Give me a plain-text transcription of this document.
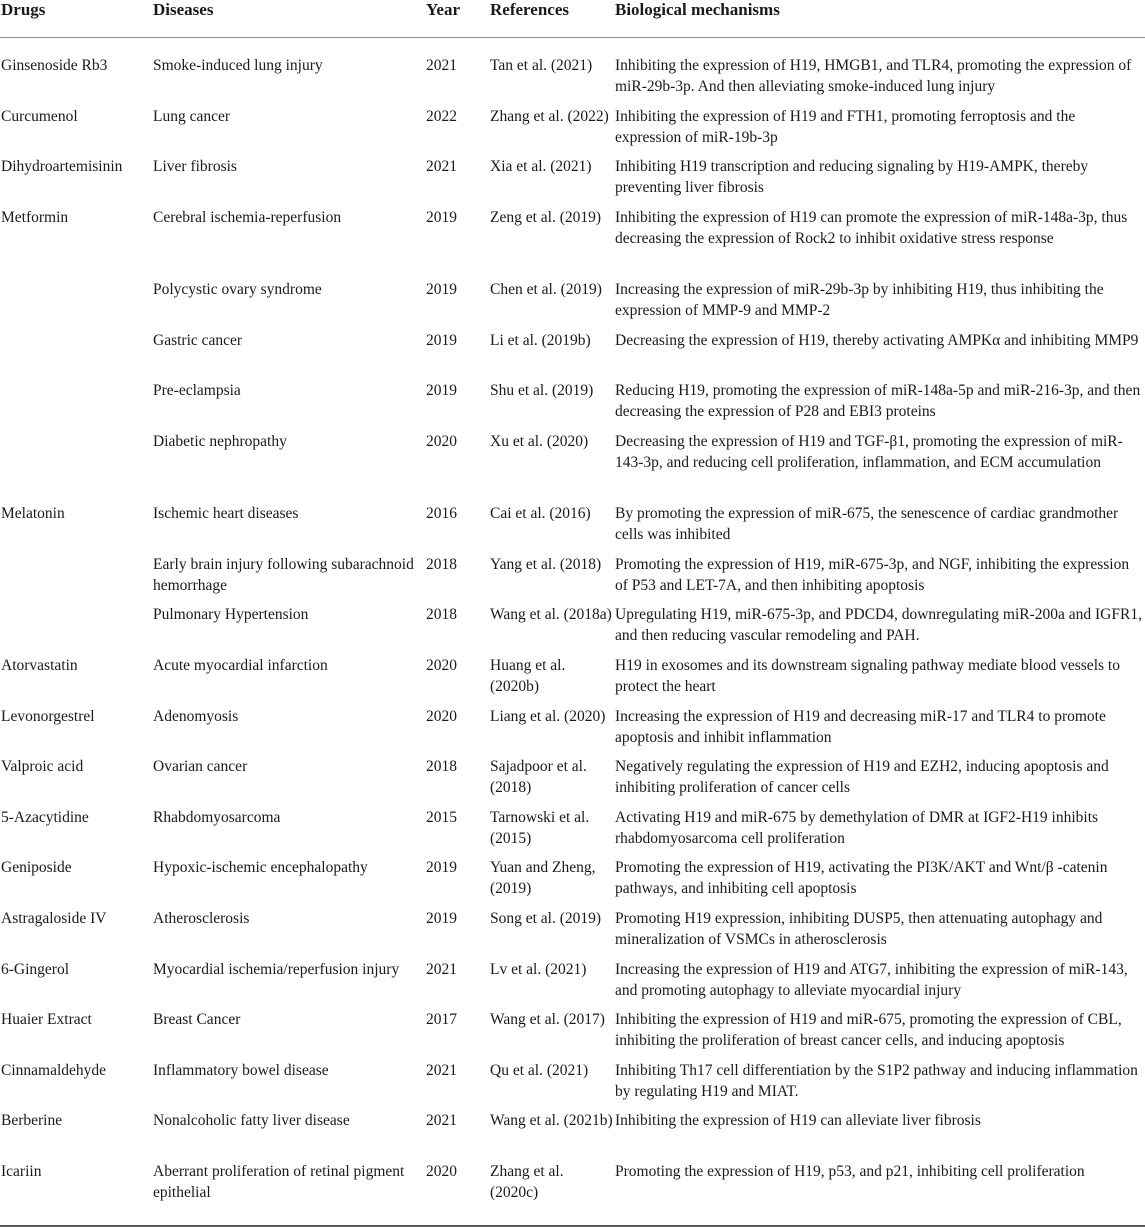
Drugs	Diseases	Year	References	Biological mechanisms
Ginsenoside Rb3	Smoke-induced lung injury	2021	Tan et al. (2021)	Inhibiting the expression of H19, HMGB1, and TLR4, promoting the expression of miR-29b-3p. And then alleviating smoke-induced lung injury
Curcumenol	Lung cancer	2022	Zhang et al. (2022)	Inhibiting the expression of H19 and FTH1, promoting ferroptosis and the expression of miR-19b-3p
Dihydroartemisinin	Liver fibrosis	2021	Xia et al. (2021)	Inhibiting H19 transcription and reducing signaling by H19-AMPK, thereby preventing liver fibrosis
Metformin	Cerebral ischemia-reperfusion	2019	Zeng et al. (2019)	Inhibiting the expression of H19 can promote the expression of miR-148a-3p, thus decreasing the expression of Rock2 to inhibit oxidative stress response
	Polycystic ovary syndrome	2019	Chen et al. (2019)	Increasing the expression of miR-29b-3p by inhibiting H19, thus inhibiting the expression of MMP-9 and MMP-2
	Gastric cancer	2019	Li et al. (2019b)	Decreasing the expression of H19, thereby activating AMPKα and inhibiting MMP9
	Pre-eclampsia	2019	Shu et al. (2019)	Reducing H19, promoting the expression of miR-148a-5p and miR-216-3p, and then decreasing the expression of P28 and EBI3 proteins
	Diabetic nephropathy	2020	Xu et al. (2020)	Decreasing the expression of H19 and TGF-β1, promoting the expression of miR-143-3p, and reducing cell proliferation, inflammation, and ECM accumulation
Melatonin	Ischemic heart diseases	2016	Cai et al. (2016)	By promoting the expression of miR-675, the senescence of cardiac grandmother cells was inhibited
	Early brain injury following subarachnoid hemorrhage	2018	Yang et al. (2018)	Promoting the expression of H19, miR-675-3p, and NGF, inhibiting the expression of P53 and LET-7A, and then inhibiting apoptosis
	Pulmonary Hypertension	2018	Wang et al. (2018a)	Upregulating H19, miR-675-3p, and PDCD4, downregulating miR-200a and IGFR1, and then reducing vascular remodeling and PAH.
Atorvastatin	Acute myocardial infarction	2020	Huang et al. (2020b)	H19 in exosomes and its downstream signaling pathway mediate blood vessels to protect the heart
Levonorgestrel	Adenomyosis	2020	Liang et al. (2020)	Increasing the expression of H19 and decreasing miR-17 and TLR4 to promote apoptosis and inhibit inflammation
Valproic acid	Ovarian cancer	2018	Sajadpoor et al. (2018)	Negatively regulating the expression of H19 and EZH2, inducing apoptosis and inhibiting proliferation of cancer cells
5-Azacytidine	Rhabdomyosarcoma	2015	Tarnowski et al. (2015)	Activating H19 and miR-675 by demethylation of DMR at IGF2-H19 inhibits rhabdomyosarcoma cell proliferation
Geniposide	Hypoxic-ischemic encephalopathy	2019	Yuan and Zheng, (2019)	Promoting the expression of H19, activating the PI3K/AKT and Wnt/β -catenin pathways, and inhibiting cell apoptosis
Astragaloside IV	Atherosclerosis	2019	Song et al. (2019)	Promoting H19 expression, inhibiting DUSP5, then attenuating autophagy and mineralization of VSMCs in atherosclerosis
6-Gingerol	Myocardial ischemia/reperfusion injury	2021	Lv et al. (2021)	Increasing the expression of H19 and ATG7, inhibiting the expression of miR-143, and promoting autophagy to alleviate myocardial injury
Huaier Extract	Breast Cancer	2017	Wang et al. (2017)	Inhibiting the expression of H19 and miR-675, promoting the expression of CBL, inhibiting the proliferation of breast cancer cells, and inducing apoptosis
Cinnamaldehyde	Inflammatory bowel disease	2021	Qu et al. (2021)	Inhibiting Th17 cell differentiation by the S1P2 pathway and inducing inflammation by regulating H19 and MIAT.
Berberine	Nonalcoholic fatty liver disease	2021	Wang et al. (2021b)	Inhibiting the expression of H19 can alleviate liver fibrosis
Icariin	Aberrant proliferation of retinal pigment epithelial	2020	Zhang et al. (2020c)	Promoting the expression of H19, p53, and p21, inhibiting cell proliferation
